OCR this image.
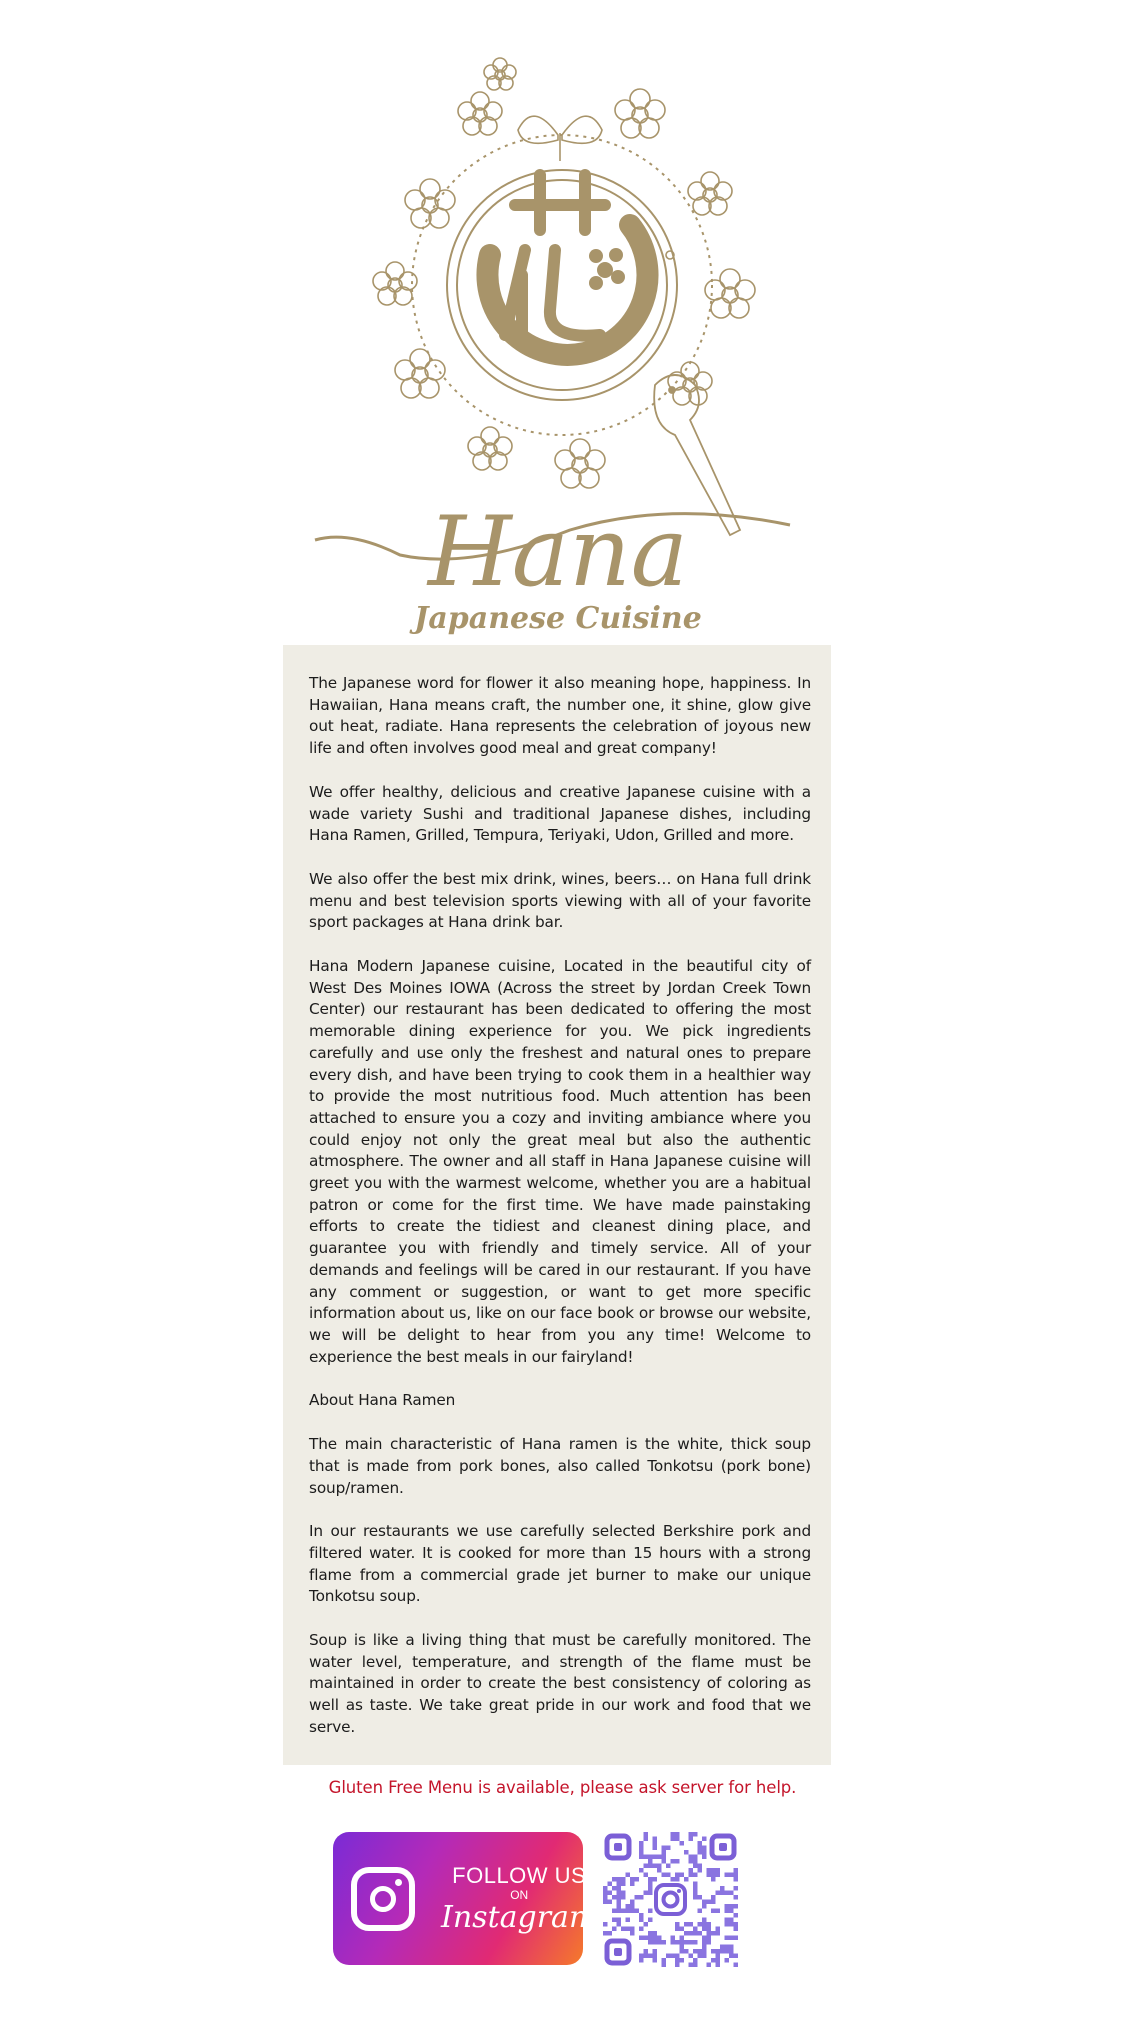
Hana
Japanese Cuisine

The Japanese word for flower it also meaning hope, happiness. In Hawaiian, Hana means craft, the number one, it shine, glow give out heat, radiate. Hana represents the celebration of joyous new life and often involves good meal and great company!

We offer healthy, delicious and creative Japanese cuisine with a wade variety Sushi and traditional Japanese dishes, including Hana Ramen, Grilled, Tempura, Teriyaki, Udon, Grilled and more.

We also offer the best mix drink, wines, beers… on Hana full drink menu and best television sports viewing with all of your favorite sport packages at Hana drink bar.

Hana Modern Japanese cuisine, Located in the beautiful city of West Des Moines IOWA (Across the street by Jordan Creek Town Center) our restaurant has been dedicated to offering the most memorable dining experience for you. We pick ingredients carefully and use only the freshest and natural ones to prepare every dish, and have been trying to cook them in a healthier way to provide the most nutritious food. Much attention has been attached to ensure you a cozy and inviting ambiance where you could enjoy not only the great meal but also the authentic atmosphere. The owner and all staff in Hana Japanese cuisine will greet you with the warmest welcome, whether you are a habitual patron or come for the first time. We have made painstaking efforts to create the tidiest and cleanest dining place, and guarantee you with friendly and timely service. All of your demands and feelings will be cared in our restaurant. If you have any comment or suggestion, or want to get more specific information about us, like on our face book or browse our website, we will be delight to hear from you any time! Welcome to experience the best meals in our fairyland!

About Hana Ramen

The main characteristic of Hana ramen is the white, thick soup that is made from pork bones, also called Tonkotsu (pork bone) soup/ramen.

In our restaurants we use carefully selected Berkshire pork and filtered water. It is cooked for more than 15 hours with a strong flame from a commercial grade jet burner to make our unique Tonkotsu soup.

Soup is like a living thing that must be carefully monitored. The water level, temperature, and strength of the flame must be maintained in order to create the best consistency of coloring as well as taste. We take great pride in our work and food that we serve.

Gluten Free Menu is available, please ask server for help.
FOLLOW US
ON
Instagram
